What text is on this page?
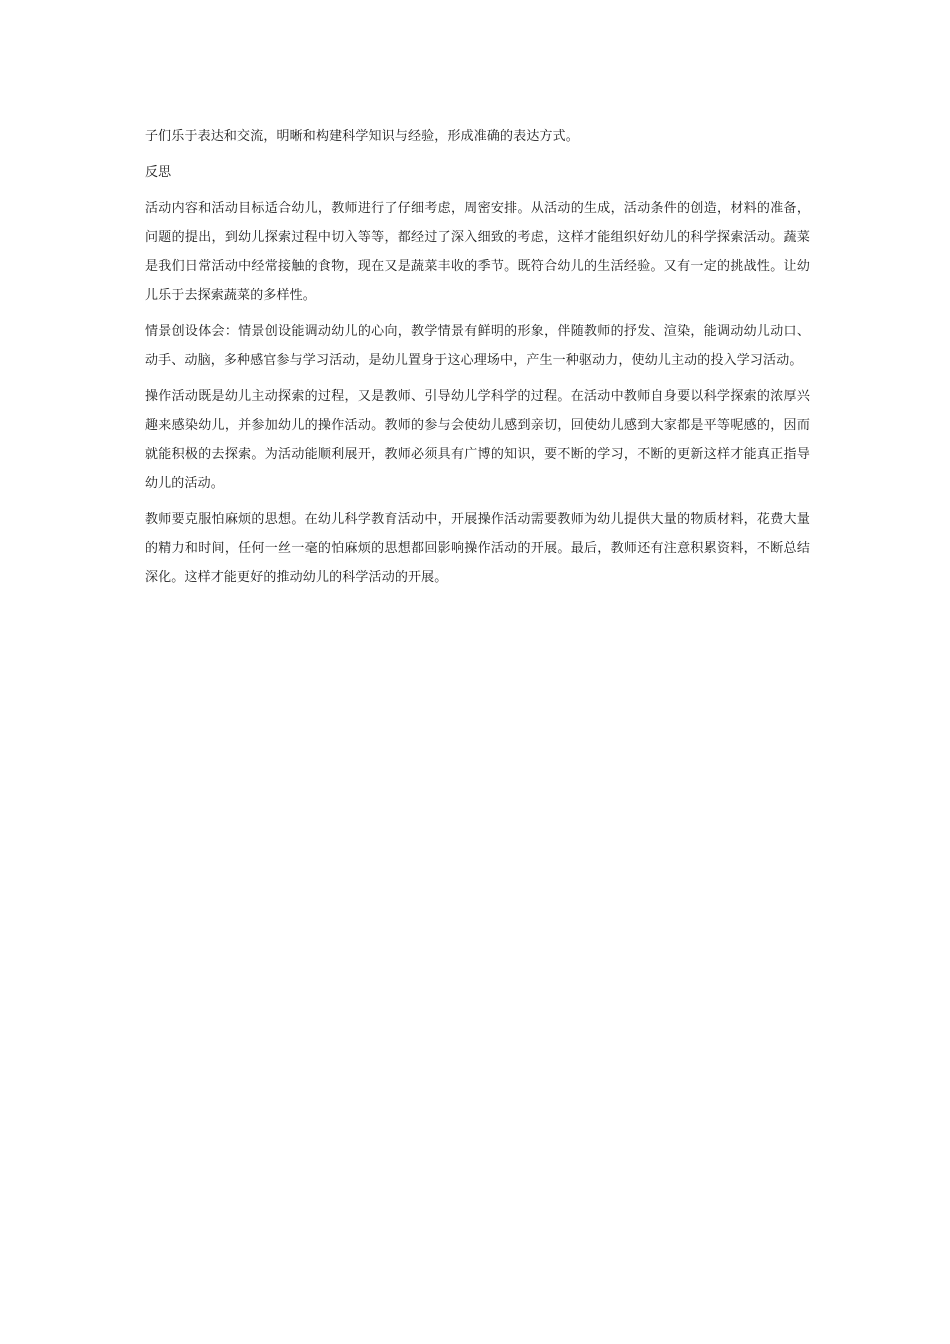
子们乐于表达和交流，明晰和构建科学知识与经验，形成准确的表达方式。

反思

活动内容和活动目标适合幼儿，教师进行了仔细考虑，周密安排。从活动的生成，活动条件的创造，材料的准备，问题的提出，到幼儿探索过程中切入等等，都经过了深入细致的考虑，这样才能组织好幼儿的科学探索活动。蔬菜是我们日常活动中经常接触的食物，现在又是蔬菜丰收的季节。既符合幼儿的生活经验。又有一定的挑战性。让幼儿乐于去探索蔬菜的多样性。

情景创设体会：情景创设能调动幼儿的心向，教学情景有鲜明的形象，伴随教师的抒发、渲染，能调动幼儿动口、动手、动脑，多种感官参与学习活动，是幼儿置身于这心理场中，产生一种驱动力，使幼儿主动的投入学习活动。

操作活动既是幼儿主动探索的过程，又是教师、引导幼儿学科学的过程。在活动中教师自身要以科学探索的浓厚兴趣来感染幼儿，并参加幼儿的操作活动。教师的参与会使幼儿感到亲切，回使幼儿感到大家都是平等呢感的，因而就能积极的去探索。为活动能顺利展开，教师必须具有广博的知识，要不断的学习，不断的更新这样才能真正指导幼儿的活动。

教师要克服怕麻烦的思想。在幼儿科学教育活动中，开展操作活动需要教师为幼儿提供大量的物质材料，花费大量的精力和时间，任何一丝一毫的怕麻烦的思想都回影响操作活动的开展。最后，教师还有注意积累资料，不断总结深化。这样才能更好的推动幼儿的科学活动的开展。
